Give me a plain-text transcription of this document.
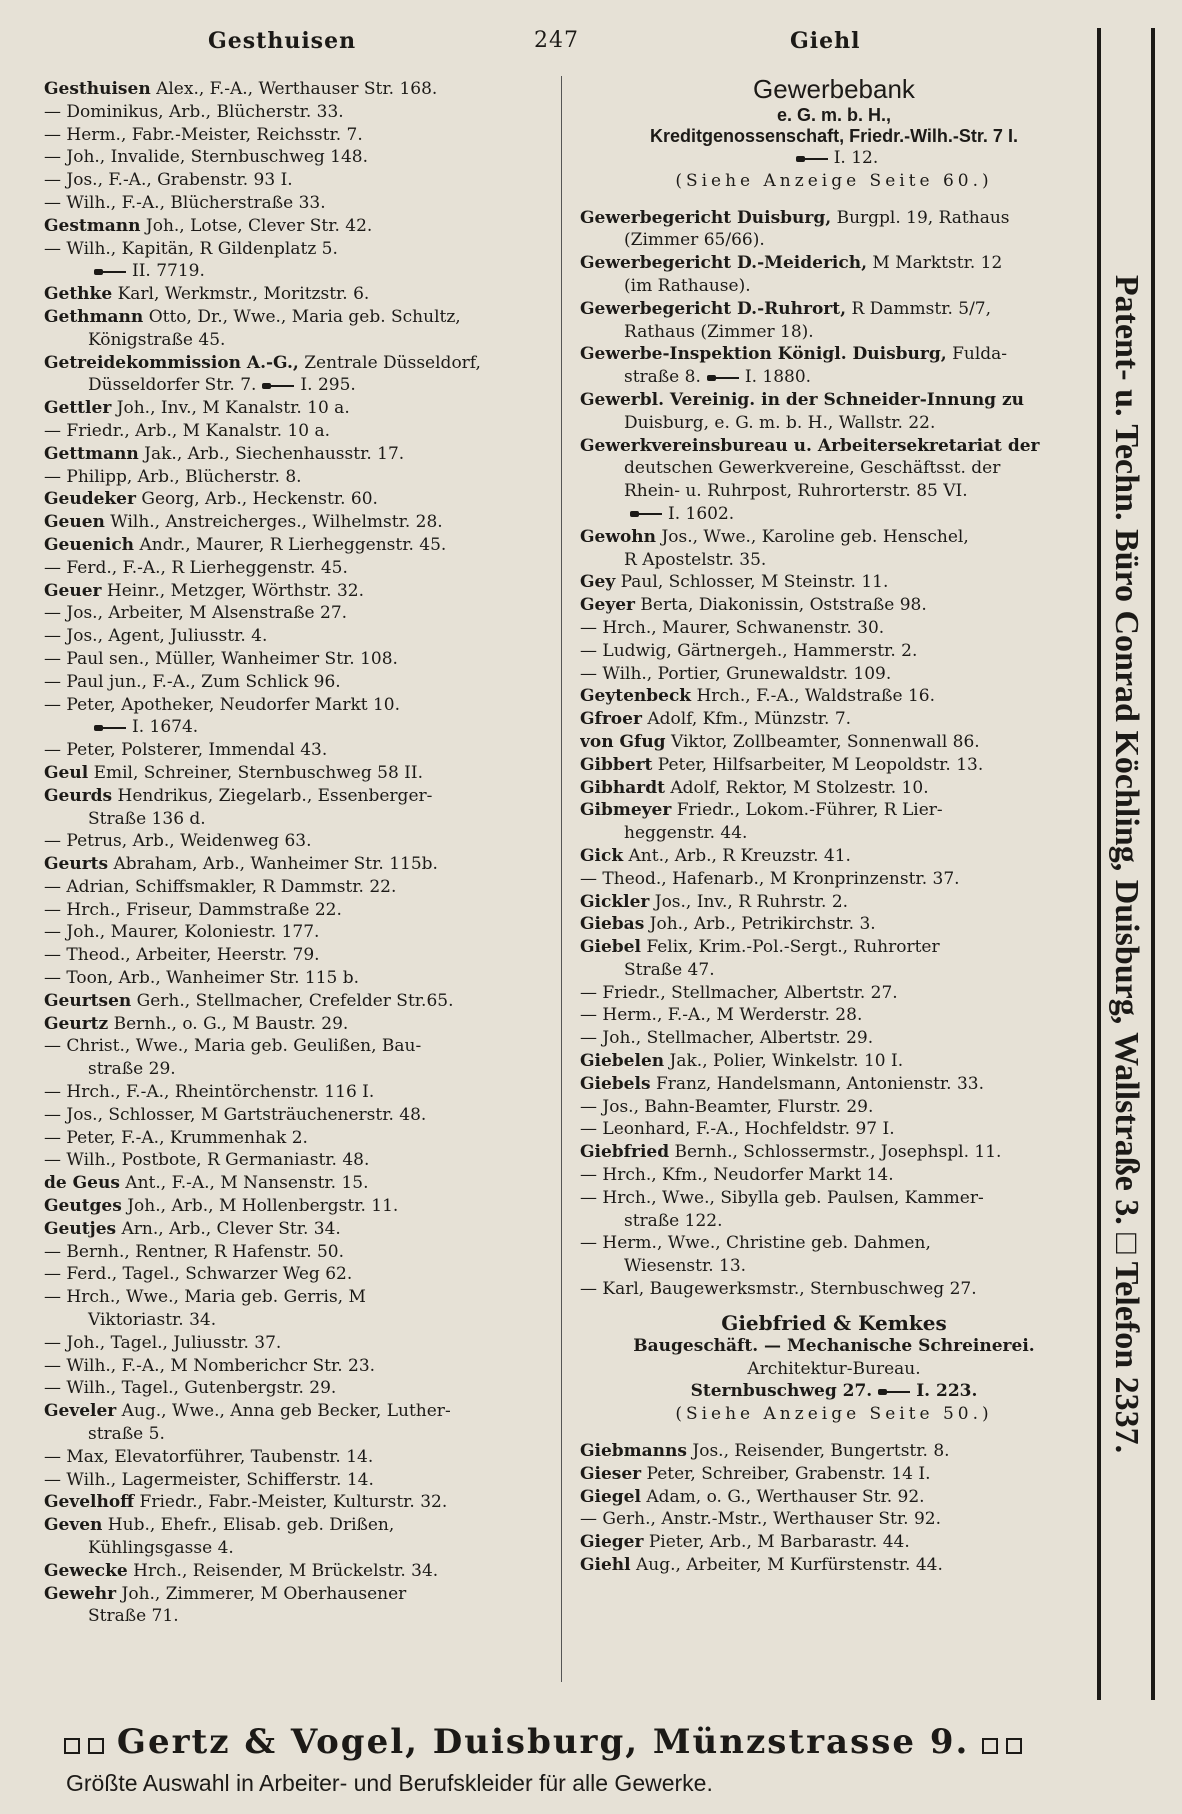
Gesthuisen	247	Giehl
Gesthuisen Alex., F.-A., Werthauser Str. 168.
— Dominikus, Arb., Blücherstr. 33.
— Herm., Fabr.-Meister, Reichsstr. 7.
— Joh., Invalide, Sternbuschweg 148.
— Jos., F.-A., Grabenstr. 93 I.
— Wilh., F.-A., Blücherstraße 33.
Gestmann Joh., Lotse, Clever Str. 42.
— Wilh., Kapitän, R Gildenplatz 5.
II. 7719.
Gethke Karl, Werkmstr., Moritzstr. 6.
Gethmann Otto, Dr., Wwe., Maria geb. Schultz,
Königstraße 45.
Getreidekommission A.-G., Zentrale Düsseldorf,
Düsseldorfer Str. 7.	I. 295.
Gettler Joh., Inv., M Kanalstr. 10 a.
— Friedr., Arb., M Kanalstr. 10 a.
Gettmann Jak., Arb., Siechenhausstr. 17.
— Philipp, Arb., Blücherstr. 8.
Geudeker Georg, Arb., Heckenstr. 60.
Geuen Wilh., Anstreicherges., Wilhelmstr. 28.
Geuenich Andr., Maurer, R Lierheggenstr. 45.
— Ferd., F.-A., R Lierheggenstr. 45.
Geuer Heinr., Metzger, Wörthstr. 32.
— Jos., Arbeiter, M Alsenstraße 27.
— Jos., Agent, Juliusstr. 4.
— Paul sen., Müller, Wanheimer Str. 108.
— Paul jun., F.-A., Zum Schlick 96.
— Peter, Apotheker, Neudorfer Markt 10.
I. 1674.
— Peter, Polsterer, Immendal 43.
Geul Emil, Schreiner, Sternbuschweg 58 II.
Geurds Hendrikus, Ziegelarb., Essenberger-
Straße 136 d.
— Petrus, Arb., Weidenweg 63.
Geurts Abraham, Arb., Wanheimer Str. 115b.
— Adrian, Schiffsmakler, R Dammstr. 22.
— Hrch., Friseur, Dammstraße 22.
— Joh., Maurer, Koloniestr. 177.
— Theod., Arbeiter, Heerstr. 79.
— Toon, Arb., Wanheimer Str. 115 b.
Geurtsen Gerh., Stellmacher, Crefelder Str.65.
Geurtz Bernh., o. G., M Baustr. 29.
— Christ., Wwe., Maria geb. Geulißen, Bau-
straße 29.
— Hrch., F.-A., Rheintörchenstr. 116 I.
— Jos., Schlosser, M Gartsträuchenerstr. 48.
— Peter, F.-A., Krummenhak 2.
— Wilh., Postbote, R Germaniastr. 48.
de Geus Ant., F.-A., M Nansenstr. 15.
Geutges Joh., Arb., M Hollenbergstr. 11.
Geutjes Arn., Arb., Clever Str. 34.
— Bernh., Rentner, R Hafenstr. 50.
— Ferd., Tagel., Schwarzer Weg 62.
— Hrch., Wwe., Maria geb. Gerris, M
Viktoriastr. 34.
— Joh., Tagel., Juliusstr. 37.
— Wilh., F.-A., M Nomberichcr Str. 23.
— Wilh., Tagel., Gutenbergstr. 29.
Geveler Aug., Wwe., Anna geb Becker, Luther-
straße 5.
— Max, Elevatorführer, Taubenstr. 14.
— Wilh., Lagermeister, Schifferstr. 14.
Gevelhoff Friedr., Fabr.-Meister, Kulturstr. 32.
Geven Hub., Ehefr., Elisab. geb. Drißen,
Kühlingsgasse 4.
Gewecke Hrch., Reisender, M Brückelstr. 34.
Gewehr Joh., Zimmerer, M Oberhausener
Straße 71.
Gewerbebank
e. G. m. b. H.,
Kreditgenossenschaft, Friedr.-Wilh.-Str. 7 I.
I. 12.
(Siehe Anzeige Seite 60.)
Gewerbegericht Duisburg, Burgpl. 19, Rathaus
(Zimmer 65/66).
Gewerbegericht D.-Meiderich, M Marktstr. 12
(im Rathause).
Gewerbegericht D.-Ruhrort, R Dammstr. 5/7,
Rathaus (Zimmer 18).
Gewerbe-Inspektion Königl. Duisburg, Fulda-
straße 8.	I. 1880.
Gewerbl. Vereinig. in der Schneider-Innung zu
Duisburg, e. G. m. b. H., Wallstr. 22.
Gewerkvereinsbureau u. Arbeitersekretariat der
deutschen Gewerkvereine, Geschäftsst. der
Rhein- u. Ruhrpost, Ruhrorterstr. 85 VI.
I. 1602.
Gewohn Jos., Wwe., Karoline geb. Henschel,
R Apostelstr. 35.
Gey Paul, Schlosser, M Steinstr. 11.
Geyer Berta, Diakonissin, Oststraße 98.
— Hrch., Maurer, Schwanenstr. 30.
— Ludwig, Gärtnergeh., Hammerstr. 2.
— Wilh., Portier, Grunewaldstr. 109.
Geytenbeck Hrch., F.-A., Waldstraße 16.
Gfroer Adolf, Kfm., Münzstr. 7.
von Gfug Viktor, Zollbeamter, Sonnenwall 86.
Gibbert Peter, Hilfsarbeiter, M Leopoldstr. 13.
Gibhardt Adolf, Rektor, M Stolzestr. 10.
Gibmeyer Friedr., Lokom.-Führer, R Lier-
heggenstr. 44.
Gick Ant., Arb., R Kreuzstr. 41.
— Theod., Hafenarb., M Kronprinzenstr. 37.
Gickler Jos., Inv., R Ruhrstr. 2.
Giebas Joh., Arb., Petrikirchstr. 3.
Giebel Felix, Krim.-Pol.-Sergt., Ruhrorter
Straße 47.
— Friedr., Stellmacher, Albertstr. 27.
— Herm., F.-A., M Werderstr. 28.
— Joh., Stellmacher, Albertstr. 29.
Giebelen Jak., Polier, Winkelstr. 10 I.
Giebels Franz, Handelsmann, Antonienstr. 33.
— Jos., Bahn-Beamter, Flurstr. 29.
— Leonhard, F.-A., Hochfeldstr. 97 I.
Giebfried Bernh., Schlossermstr., Josephspl. 11.
— Hrch., Kfm., Neudorfer Markt 14.
— Hrch., Wwe., Sibylla geb. Paulsen, Kammer-
straße 122.
— Herm., Wwe., Christine geb. Dahmen,
Wiesenstr. 13.
— Karl, Baugewerksmstr., Sternbuschweg 27.
Giebfried & Kemkes
Baugeschäft. — Mechanische Schreinerei.
Architektur-Bureau.
Sternbuschweg 27.	I. 223.
(Siehe Anzeige Seite 50.)
Giebmanns Jos., Reisender, Bungertstr. 8.
Gieser Peter, Schreiber, Grabenstr. 14 I.
Giegel Adam, o. G., Werthauser Str. 92.
— Gerh., Anstr.-Mstr., Werthauser Str. 92.
Gieger Pieter, Arb., M Barbarastr. 44.
Giehl Aug., Arbeiter, M Kurfürstenstr. 44.
Patent- u. Techn. Büro Conrad Köchling, Duisburg, Wallstraße 3. □ Telefon 2337.
Gertz & Vogel, Duisburg, Münzstrasse 9.
Größte Auswahl in Arbeiter- und Berufskleider für alle Gewerke.
